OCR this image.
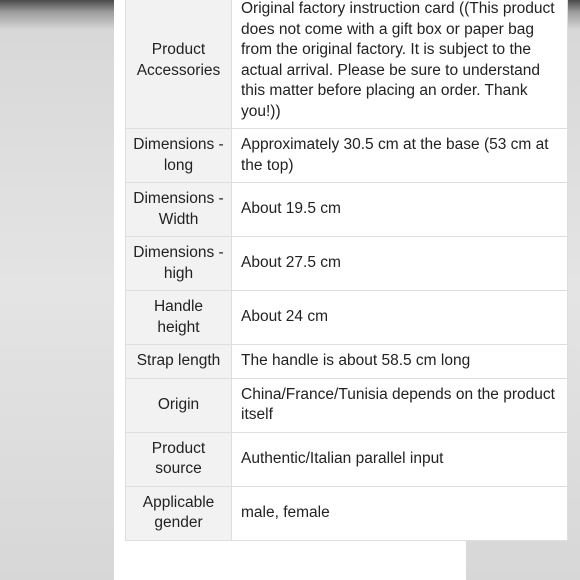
Product Accessories	Original factory instruction card ((This product does not come with a gift box or paper bag from the original factory. It is subject to the actual arrival. Please be sure to understand this matter before placing an order. Thank you!))
Dimensions - long	Approximately 30.5 cm at the base (53 cm at the top)
Dimensions - Width	About 19.5 cm
Dimensions - high	About 27.5 cm
Handle height	About 24 cm
Strap length	The handle is about 58.5 cm long
Origin	China/France/Tunisia depends on the product itself
Product source	Authentic/Italian parallel input
Applicable gender	male, female
